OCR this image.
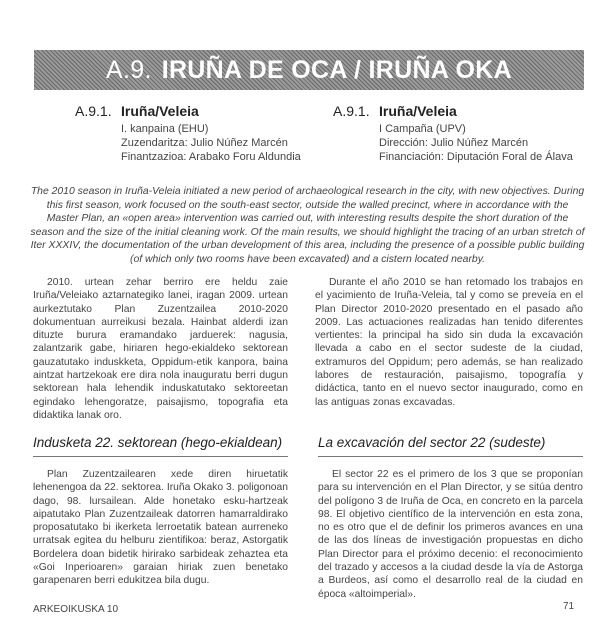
A.9. IRUÑA DE OCA / IRUÑA OKA
A.9.1. Iruña/Veleia
I. kanpaina (EHU)
Zuzendaritza: Julio Núñez Marcén
Finantzazioa: Arabako Foru Aldundia
A.9.1. Iruña/Veleia
I Campaña (UPV)
Dirección: Julio Núñez Marcén
Financiación: Diputación Foral de Álava
The 2010 season in Iruña-Veleia initiated a new period of archaeological research in the city, with new objectives. During this first season, work focused on the south-east sector, outside the walled precinct, where in accordance with the Master Plan, an «open area» intervention was carried out, with interesting results despite the short duration of the season and the size of the initial cleaning work. Of the main results, we should highlight the tracing of an urban stretch of Iter XXXIV, the documentation of the urban development of this area, including the presence of a possible public building (of which only two rooms have been excavated) and a cistern located nearby.
2010. urtean zehar berriro ere heldu zaie Iruña/Veleiako aztarnategiko lanei, iragan 2009. urtean aurkeztutako Plan Zuzentzailea 2010-2020 dokumentuan aurreikusi bezala. Hainbat alderdi izan dituzte burura eramandako jarduerek: nagusia, zalantzarik gabe, hiriaren hego-ekialdeko sektorean gauzatutako induskketa, Oppidum-etik kanpora, baina aintzat hartzekoak ere dira nola inauguratu berri dugun sektorean hala lehendik induskatutako sektoreetan egindako lehengoratze, paisajismo, topografia eta didaktika lanak oro.
Durante el año 2010 se han retomado los trabajos en el yacimiento de Iruña-Veleia, tal y como se preveía en el Plan Director 2010-2020 presentado en el pasado año 2009. Las actuaciones realizadas han tenido diferentes vertientes: la principal ha sido sin duda la excavación llevada a cabo en el sector sudeste de la ciudad, extramuros del Oppidum; pero además, se han realizado labores de restauración, paisajismo, topografía y didáctica, tanto en el nuevo sector inaugurado, como en las antiguas zonas excavadas.
Indusketa 22. sektorean (hego-ekialdean)	La excavación del sector 22 (sudeste)
Plan Zuzentzailearen xede diren hiruetatik lehenengoa da 22. sektorea. Iruña Okako 3. poligonoan dago, 98. lursailean. Alde honetako esku-hartzeak aipatutako Plan Zuzentzaileak datorren hamarraldirako proposatutako bi ikerketa lerroetatik batean aurreneko urratsak egitea du helburu zientifikoa: beraz, Astorgatik Bordelera doan bidetik hirirako sarbideak zehaztea eta «Goi Inperioaren» garaian hiriak zuen benetako garapenaren berri edukitzea bila dugu.
El sector 22 es el primero de los 3 que se proponían para su intervención en el Plan Director, y se sitúa dentro del polígono 3 de Iruña de Oca, en concreto en la parcela 98. El objetivo científico de la intervención en esta zona, no es otro que el de definir los primeros avances en una de las dos líneas de investigación propuestas en dicho Plan Director para el próximo decenio: el reconocimiento del trazado y accesos a la ciudad desde la vía de Astorga a Burdeos, así como el desarrollo real de la ciudad en época «altoimperial».
ARKEOIKUSKA 10	71
